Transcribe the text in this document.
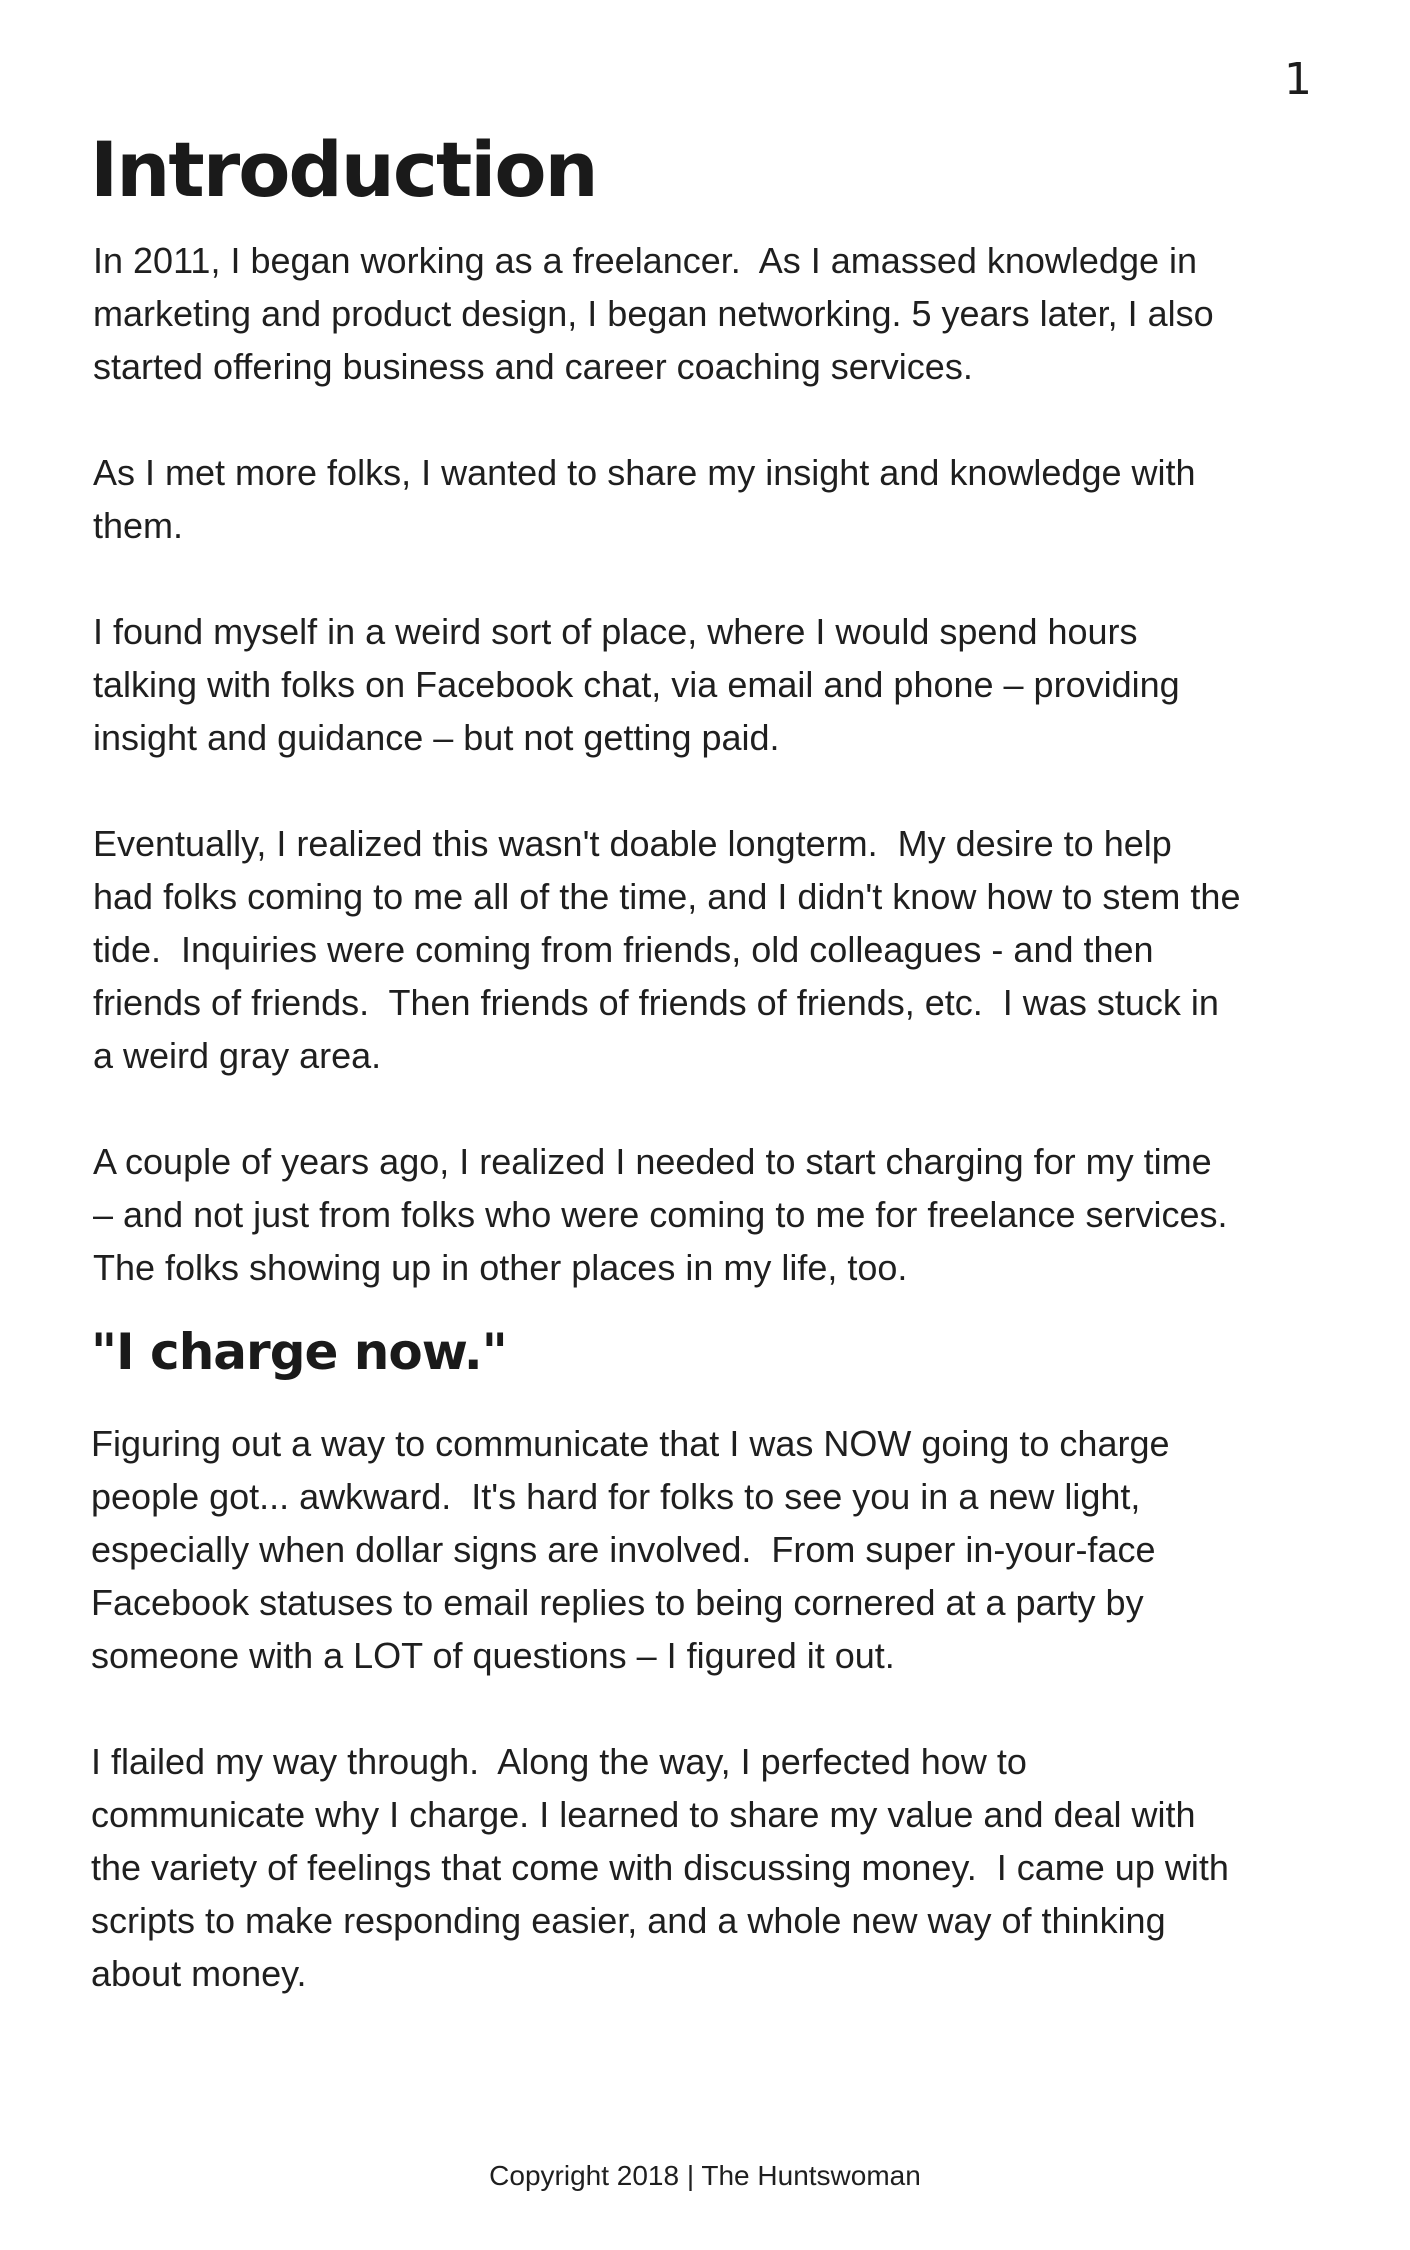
1
Introduction

In 2011, I began working as a freelancer.  As I amassed knowledge in
marketing and product design, I began networking. 5 years later, I also
started offering business and career coaching services.

As I met more folks, I wanted to share my insight and knowledge with
them.

I found myself in a weird sort of place, where I would spend hours
talking with folks on Facebook chat, via email and phone – providing
insight and guidance – but not getting paid.

Eventually, I realized this wasn't doable longterm.  My desire to help
had folks coming to me all of the time, and I didn't know how to stem the
tide.  Inquiries were coming from friends, old colleagues - and then
friends of friends.  Then friends of friends of friends, etc.  I was stuck in
a weird gray area.

A couple of years ago, I realized I needed to start charging for my time
– and not just from folks who were coming to me for freelance services.
The folks showing up in other places in my life, too.

"I charge now."

Figuring out a way to communicate that I was NOW going to charge
people got... awkward.  It's hard for folks to see you in a new light,
especially when dollar signs are involved.  From super in-your-face
Facebook statuses to email replies to being cornered at a party by
someone with a LOT of questions – I figured it out.

I flailed my way through.  Along the way, I perfected how to
communicate why I charge. I learned to share my value and deal with
the variety of feelings that come with discussing money.  I came up with
scripts to make responding easier, and a whole new way of thinking
about money.

Copyright 2018 | The Huntswoman
